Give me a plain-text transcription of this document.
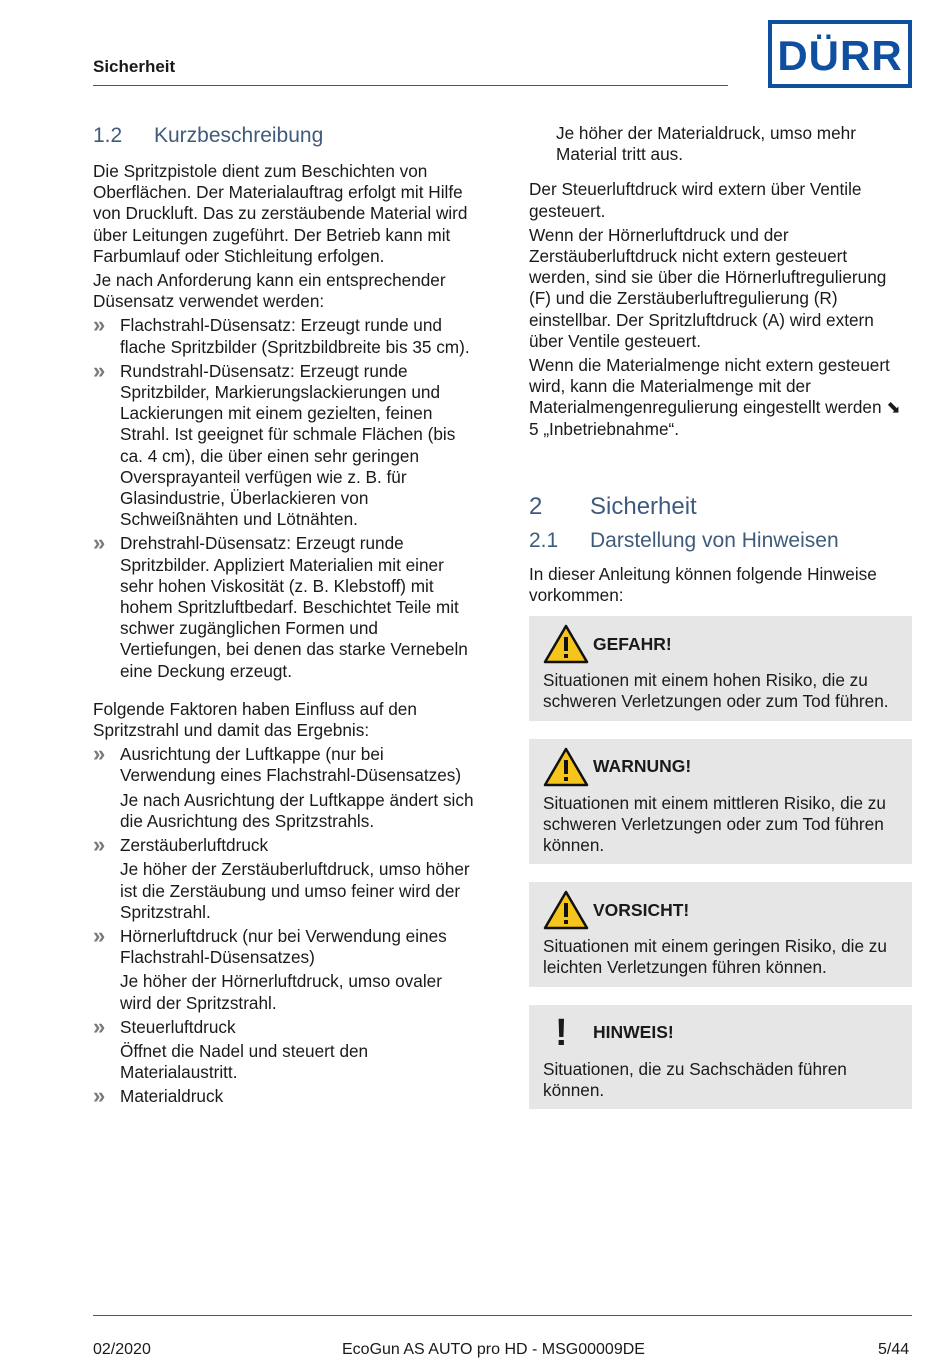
Sicherheit	DÜRR
1.2	Kurzbeschreibung

Die Spritzpistole dient zum Beschichten von Oberflächen. Der Materialauftrag erfolgt mit Hilfe von Druckluft. Das zu zerstäubende Material wird über Leitungen zugeführt. Der Betrieb kann mit Farbumlauf oder Stichleitung erfolgen.

Je nach Anforderung kann ein entsprechender Düsensatz verwendet werden:

» Flachstrahl-Düsensatz: Erzeugt runde und flache Spritzbilder (Spritzbildbreite bis 35 cm).
» Rundstrahl-Düsensatz: Erzeugt runde Spritzbilder, Markierungslackierungen und Lackierungen mit einem gezielten, feinen Strahl. Ist geeignet für schmale Flächen (bis ca. 4 cm), die über einen sehr geringen Oversprayanteil verfügen wie z. B. für Glasindustrie, Überlackieren von Schweißnähten und Lötnähten.
» Drehstrahl-Düsensatz: Erzeugt runde Spritzbilder. Appliziert Materialien mit einer sehr hohen Viskosität (z. B. Klebstoff) mit hohem Spritzluftbedarf. Beschichtet Teile mit schwer zugänglichen Formen und Vertiefungen, bei denen das starke Vernebeln eine Deckung erzeugt.

Folgende Faktoren haben Einfluss auf den Spritzstrahl und damit das Ergebnis:

» Ausrichtung der Luftkappe (nur bei Verwendung eines Flachstrahl-Düsensatzes)
Je nach Ausrichtung der Luftkappe ändert sich die Ausrichtung des Spritzstrahls.
» Zerstäuberluftdruck
Je höher der Zerstäuberluftdruck, umso höher ist die Zerstäubung und umso feiner wird der Spritzstrahl.
» Hörnerluftdruck (nur bei Verwendung eines Flachstrahl-Düsensatzes)
Je höher der Hörnerluftdruck, umso ovaler wird der Spritzstrahl.
» Steuerluftdruck
Öffnet die Nadel und steuert den Materialaustritt.
» Materialdruck
Je höher der Materialdruck, umso mehr Material tritt aus.

Der Steuerluftdruck wird extern über Ventile gesteuert.

Wenn der Hörnerluftdruck und der Zerstäuberluftdruck nicht extern gesteuert werden, sind sie über die Hörnerluftregulierung (F) und die Zerstäuberluftregulierung (R) einstellbar. Der Spritzluftdruck (A) wird extern über Ventile gesteuert.

Wenn die Materialmenge nicht extern gesteuert wird, kann die Materialmenge mit der Materialmengenregulierung eingestellt werden ⬊ 5 „Inbetriebnahme“.

2	Sicherheit
2.1	Darstellung von Hinweisen

In dieser Anleitung können folgende Hinweise vorkommen:

GEFAHR!
Situationen mit einem hohen Risiko, die zu schweren Verletzungen oder zum Tod führen.
WARNUNG!
Situationen mit einem mittleren Risiko, die zu schweren Verletzungen oder zum Tod führen können.
VORSICHT!
Situationen mit einem geringen Risiko, die zu leichten Verletzungen führen können.
!	HINWEIS!
Situationen, die zu Sachschäden führen können.
02/2020	EcoGun AS AUTO pro HD - MSG00009DE	5/44
